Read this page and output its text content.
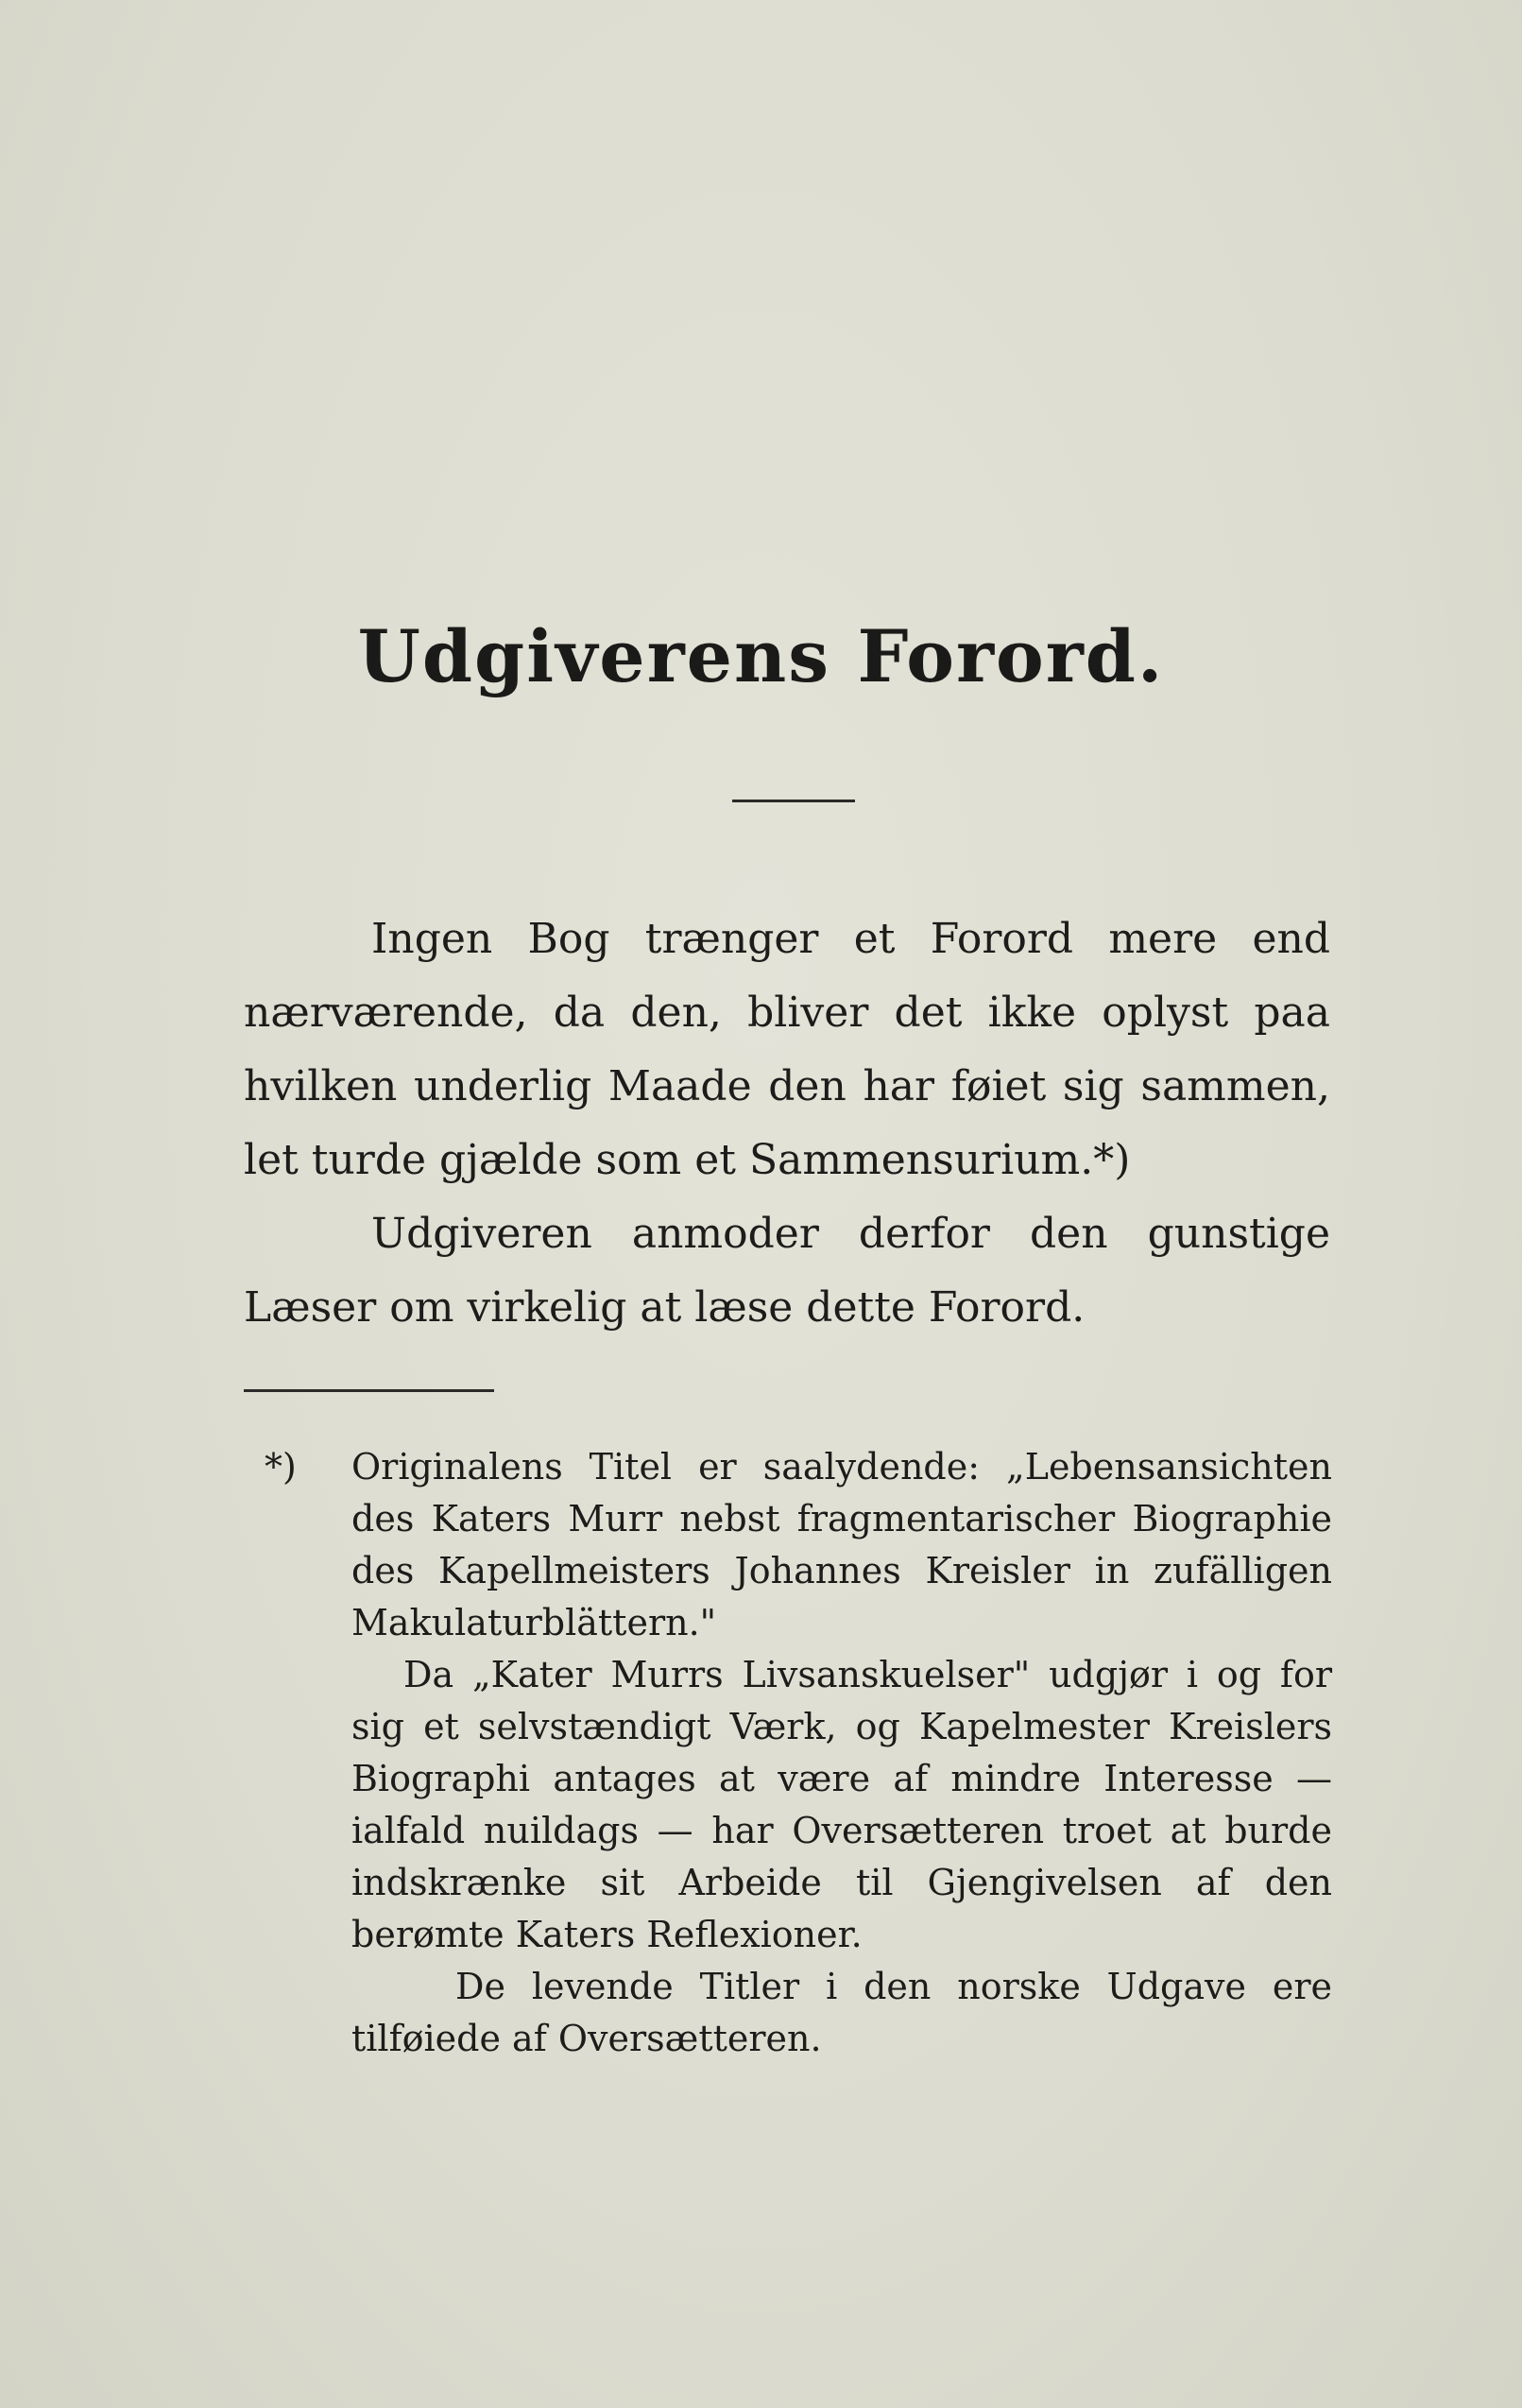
Udgiverens Forord.

Ingen Bog trænger et Forord mere end nærværende, da den, bliver det ikke oplyst paa hvilken underlig Maade den har føiet sig sammen, let turde gjælde som et Sammensurium.*)

Udgiveren anmoder derfor den gunstige Læser om virkelig at læse dette Forord.

*)	Originalens Titel er saalydende: „Lebensansichten des Katers Murr nebst fragmentarischer Biographie des Kapellmeisters Johannes Kreisler in zufälligen Makulaturblättern."

Da „Kater Murrs Livsanskuelser" udgjør i og for sig et selvstændigt Værk, og Kapelmester Kreislers Biographi antages at være af mindre Interesse — ialfald nuildags — har Oversætteren troet at burde indskrænke sit Arbeide til Gjengivelsen af den berømte Katers Reflexioner.

De levende Titler i den norske Udgave ere tilføiede af Oversætteren.
